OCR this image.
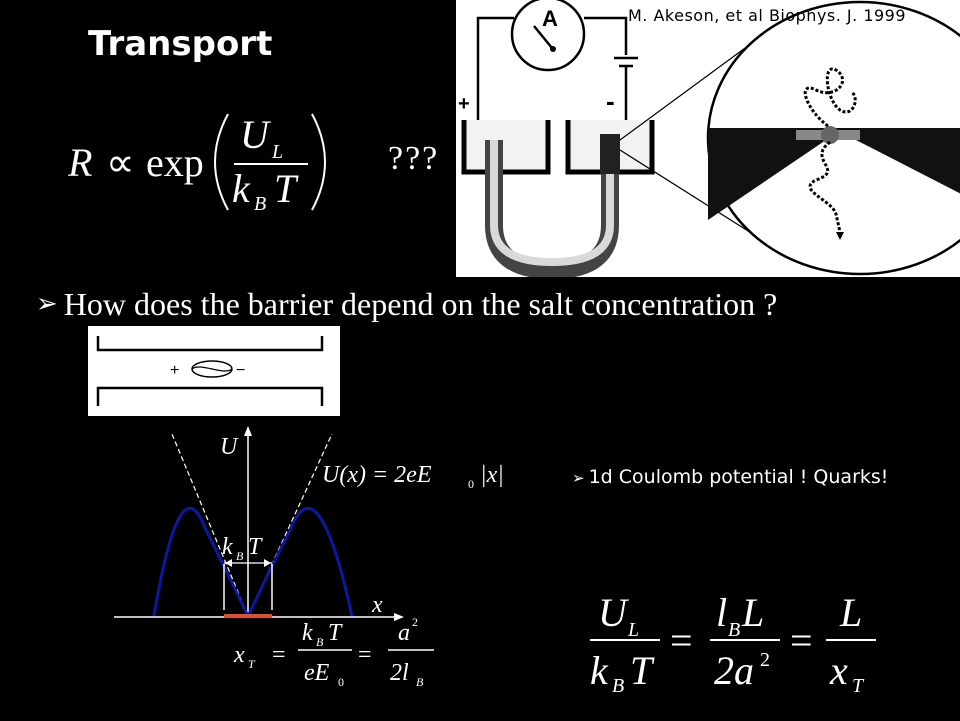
Transport
A
+	-
M. Akeson, et al Biophys. J. 1999
R ∝ exp
U L
k B T
???
➢ How does the barrier depend on the salt concentration ?
+	−
U
x
k B T
U(x) = 2eE	0 |x|
x T =
k B T
eE 0
=
a 2
2l B
➢ 1d Coulomb potential ! Quarks!
U L
k B T
=
l B L
2a 2 =
L
x T
